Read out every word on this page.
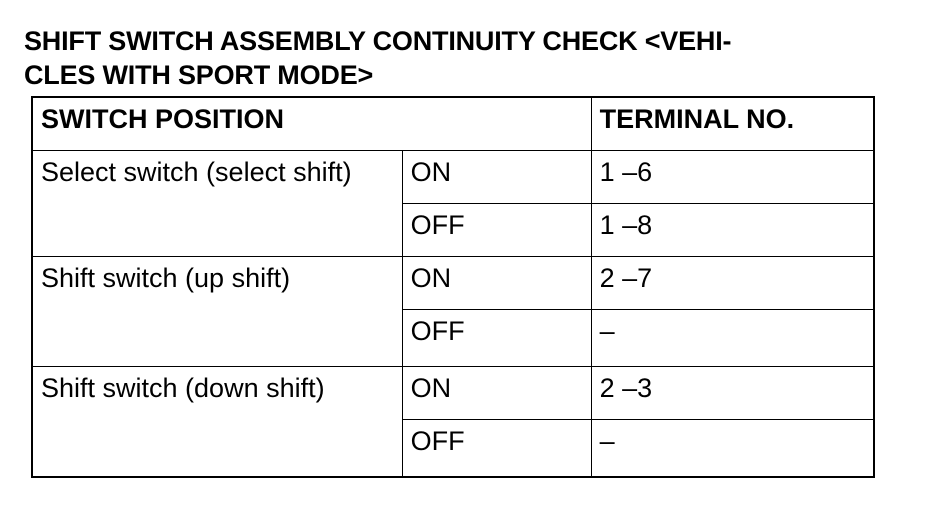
SHIFT SWITCH ASSEMBLY CONTINUITY CHECK <VEHI-
CLES WITH SPORT MODE>
SWITCH POSITION		TERMINAL NO.
Select switch (select shift)	ON	1 –6
	OFF	1 –8
Shift switch (up shift)	ON	2 –7
	OFF	–
Shift switch (down shift)	ON	2 –3
	OFF	–
